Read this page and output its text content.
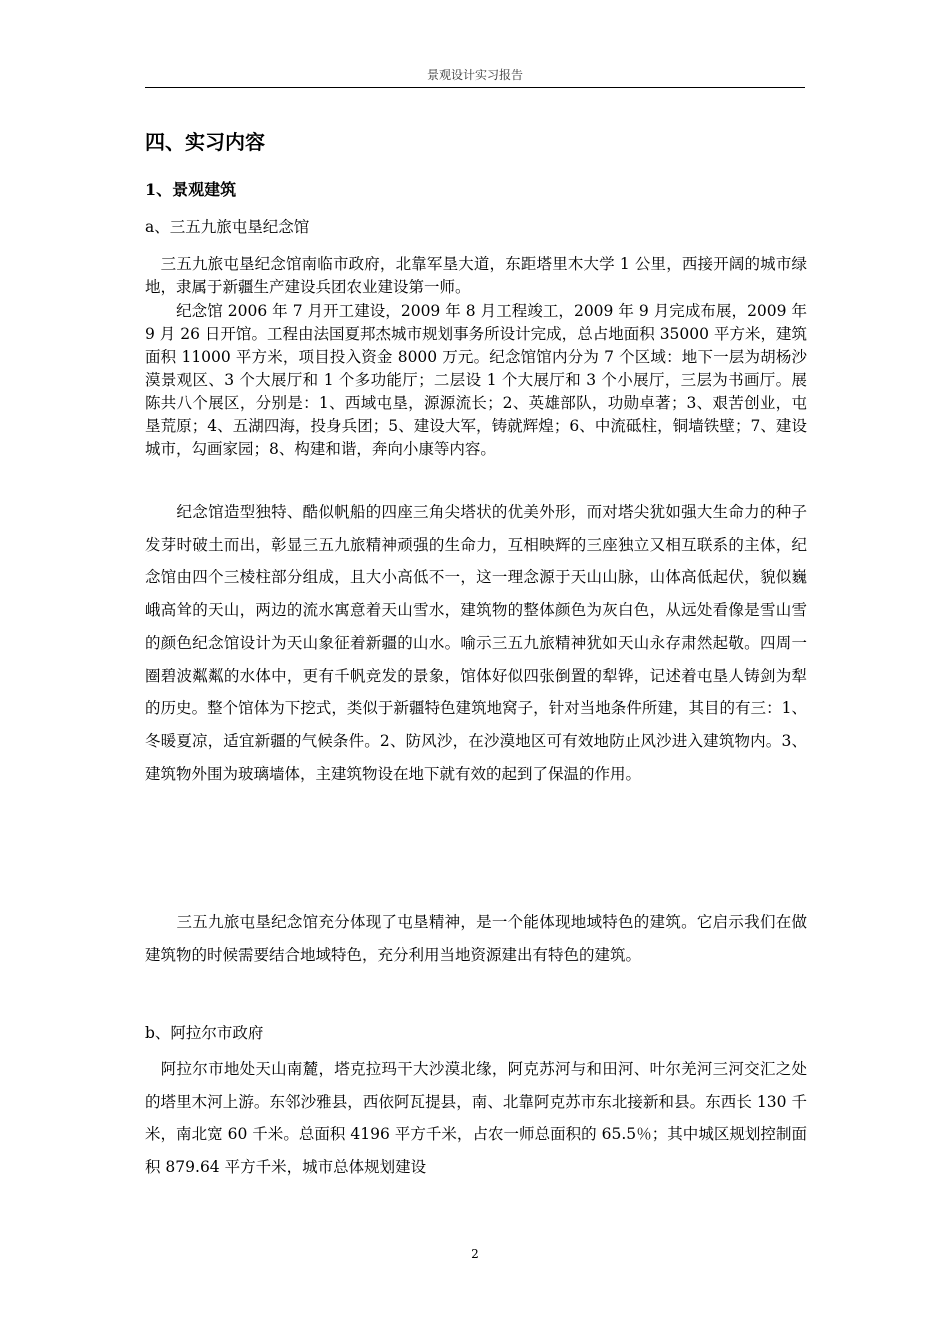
景观设计实习报告
四、实习内容
1、景观建筑

a、三五九旅屯垦纪念馆

　三五九旅屯垦纪念馆南临市政府，北靠军垦大道，东距塔里木大学 1 公里，西接开阔的城市绿地，隶属于新疆生产建设兵团农业建设第一师。

　　纪念馆 2006 年 7 月开工建设，2009 年 8 月工程竣工，2009 年 9 月完成布展，2009 年 9 月 26 日开馆。工程由法国夏邦杰城市规划事务所设计完成，总占地面积 35000 平方米，建筑面积 11000 平方米，项目投入资金 8000 万元。纪念馆馆内分为 7 个区域：地下一层为胡杨沙漠景观区、3 个大展厅和 1 个多功能厅；二层设 1 个大展厅和 3 个小展厅，三层为书画厅。展陈共八个展区，分别是：1、西域屯垦，源源流长；2、英雄部队，功勋卓著；3、艰苦创业，屯垦荒原；4、五湖四海，投身兵团；5、建设大军，铸就辉煌；6、中流砥柱，铜墙铁壁；7、建设城市，勾画家园；8、构建和谐，奔向小康等内容。

　　纪念馆造型独特、酷似帆船的四座三角尖塔状的优美外形，而对塔尖犹如强大生命力的种子发芽时破土而出，彰显三五九旅精神顽强的生命力，互相映辉的三座独立又相互联系的主体，纪念馆由四个三棱柱部分组成，且大小高低不一，这一理念源于天山山脉，山体高低起伏，貌似巍峨高耸的天山，两边的流水寓意着天山雪水，建筑物的整体颜色为灰白色，从远处看像是雪山雪的颜色纪念馆设计为天山象征着新疆的山水。喻示三五九旅精神犹如天山永存肃然起敬。四周一圈碧波粼粼的水体中，更有千帆竞发的景象，馆体好似四张倒置的犁铧，记述着屯垦人铸剑为犁的历史。整个馆体为下挖式，类似于新疆特色建筑地窝子，针对当地条件所建，其目的有三：1、冬暖夏凉，适宜新疆的气候条件。2、防风沙，在沙漠地区可有效地防止风沙进入建筑物内。3、建筑物外围为玻璃墙体，主建筑物设在地下就有效的起到了保温的作用。

　　三五九旅屯垦纪念馆充分体现了屯垦精神，是一个能体现地域特色的建筑。它启示我们在做建筑物的时候需要结合地域特色，充分利用当地资源建出有特色的建筑。

b、阿拉尔市政府

　阿拉尔市地处天山南麓，塔克拉玛干大沙漠北缘，阿克苏河与和田河、叶尔羌河三河交汇之处的塔里木河上游。东邻沙雅县，西依阿瓦提县，南、北靠阿克苏市东北接新和县。东西长 130 千米，南北宽 60 千米。总面积 4196 平方千米，占农一师总面积的 65.5％；其中城区规划控制面积 879.64 平方千米，城市总体规划建设

2
